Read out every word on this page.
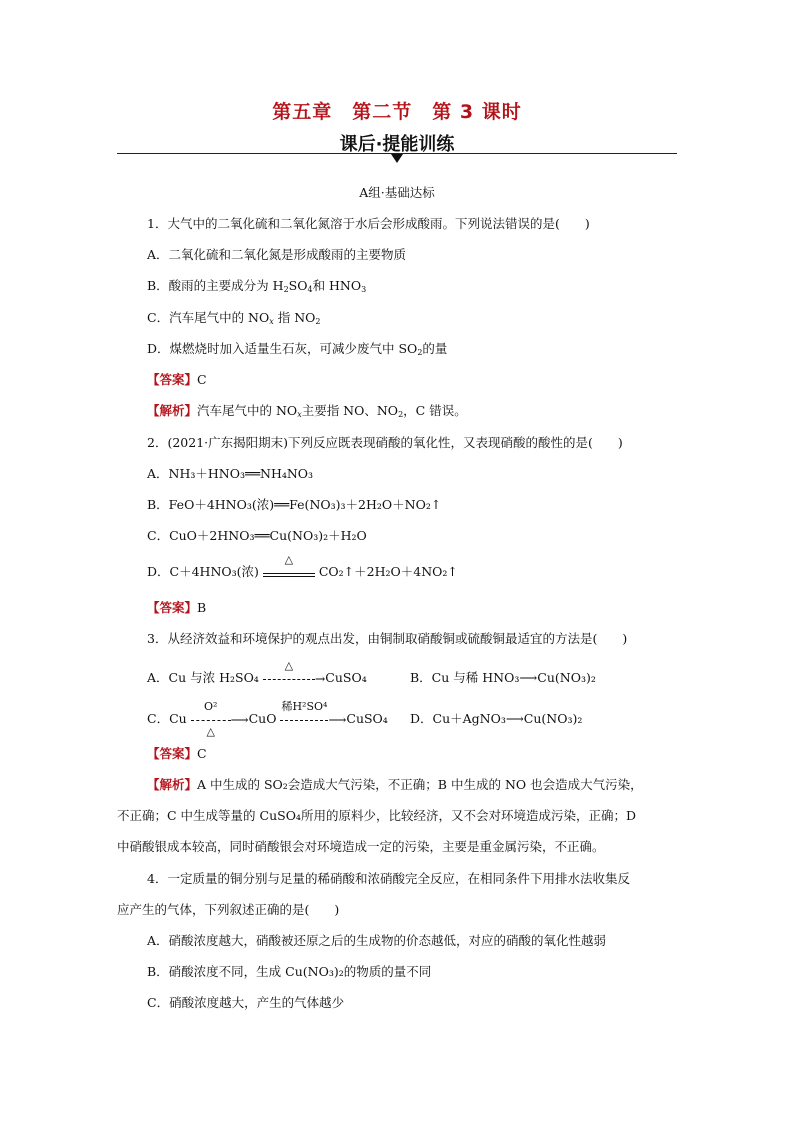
第五章　第二节　第 3 课时
课后·提能训练
A组·基础达标
1．大气中的二氧化硫和二氧化氮溶于水后会形成酸雨。下列说法错误的是(　　)
A．二氧化硫和二氧化氮是形成酸雨的主要物质
B．酸雨的主要成分为 $H_2SO_4$和 $HNO_3$
C．汽车尾气中的 $NO_x$ 指 $NO_2$
D．煤燃烧时加入适量生石灰，可减少废气中 $SO_2$的量
【答案】C
【解析】汽车尾气中的 $NO_x$主要指 NO、$NO_2$，C 错误。
2．(2021·广东揭阳期末)下列反应既表现硝酸的氧化性，又表现硝酸的酸性的是(　　)
A．NH₃＋HNO₃══NH₄NO₃
B．FeO＋4HNO₃(浓)══Fe(NO₃)₃＋2H₂O＋NO₂↑
C．CuO＋2HNO₃══Cu(NO₃)₂＋H₂O
D．C＋4HNO₃(浓)
△
CO₂↑＋2H₂O＋4NO₂↑
【答案】B
3．从经济效益和环境保护的观点出发，由铜制取硝酸铜或硫酸铜最适宜的方法是(　　)
A．Cu 与浓 H₂SO₄
△
→CuSO₄	B．Cu 与稀 HNO₃⟶Cu(NO₃)₂
C．Cu
O²
△
⟶CuO
稀H²SO⁴
⟶CuSO₄ D．Cu＋AgNO₃⟶Cu(NO₃)₂
【答案】C
【解析】A 中生成的 SO₂会造成大气污染，不正确；B 中生成的 NO 也会造成大气污染，
不正确；C 中生成等量的 CuSO₄所用的原料少，比较经济，又不会对环境造成污染，正确；D
中硝酸银成本较高，同时硝酸银会对环境造成一定的污染，主要是重金属污染，不正确。
4．一定质量的铜分别与足量的稀硝酸和浓硝酸完全反应，在相同条件下用排水法收集反
应产生的气体，下列叙述正确的是(　　)
A．硝酸浓度越大，硝酸被还原之后的生成物的价态越低，对应的硝酸的氧化性越弱
B．硝酸浓度不同，生成 Cu(NO₃)₂的物质的量不同
C．硝酸浓度越大，产生的气体越少
